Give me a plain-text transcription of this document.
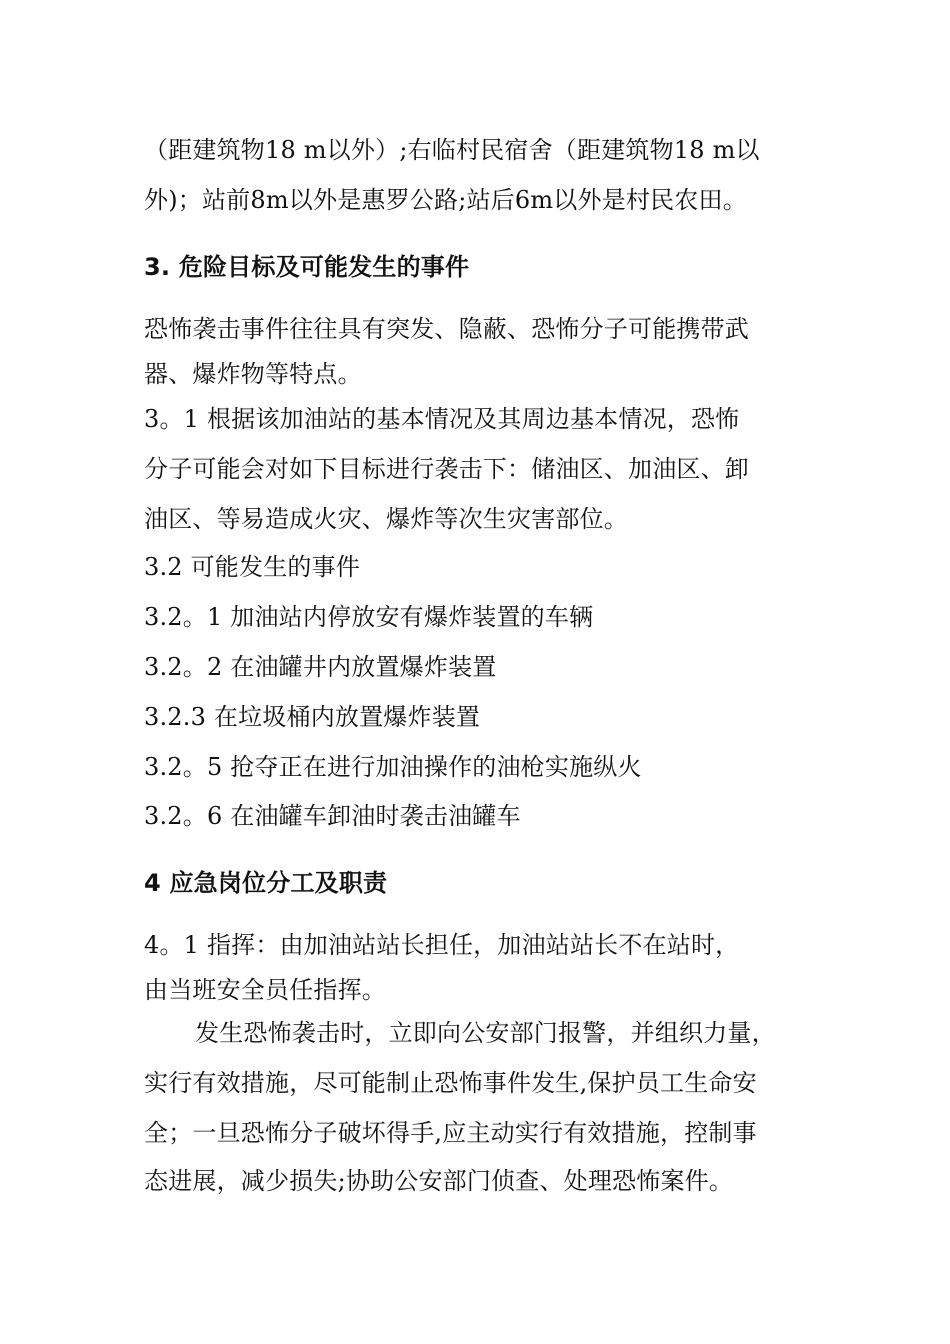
（距建筑物18 m以外）;右临村民宿舍（距建筑物18 m以
外)；站前8m以外是惠罗公路;站后6m以外是村民农田。
3. 危险目标及可能发生的事件
恐怖袭击事件往往具有突发、隐蔽、恐怖分子可能携带武
器、爆炸物等特点。
3。1 根据该加油站的基本情况及其周边基本情况，恐怖
分子可能会对如下目标进行袭击下：储油区、加油区、卸
油区、等易造成火灾、爆炸等次生灾害部位。
3.2 可能发生的事件
3.2。1 加油站内停放安有爆炸装置的车辆
3.2。2 在油罐井内放置爆炸装置
3.2.3 在垃圾桶内放置爆炸装置
3.2。5 抢夺正在进行加油操作的油枪实施纵火
3.2。6 在油罐车卸油时袭击油罐车
4 应急岗位分工及职责
4。1 指挥：由加油站站长担任，加油站站长不在站时，
由当班安全员任指挥。
发生恐怖袭击时，立即向公安部门报警，并组织力量，
实行有效措施，尽可能制止恐怖事件发生,保护员工生命安
全；一旦恐怖分子破坏得手,应主动实行有效措施，控制事
态进展，减少损失;协助公安部门侦查、处理恐怖案件。
